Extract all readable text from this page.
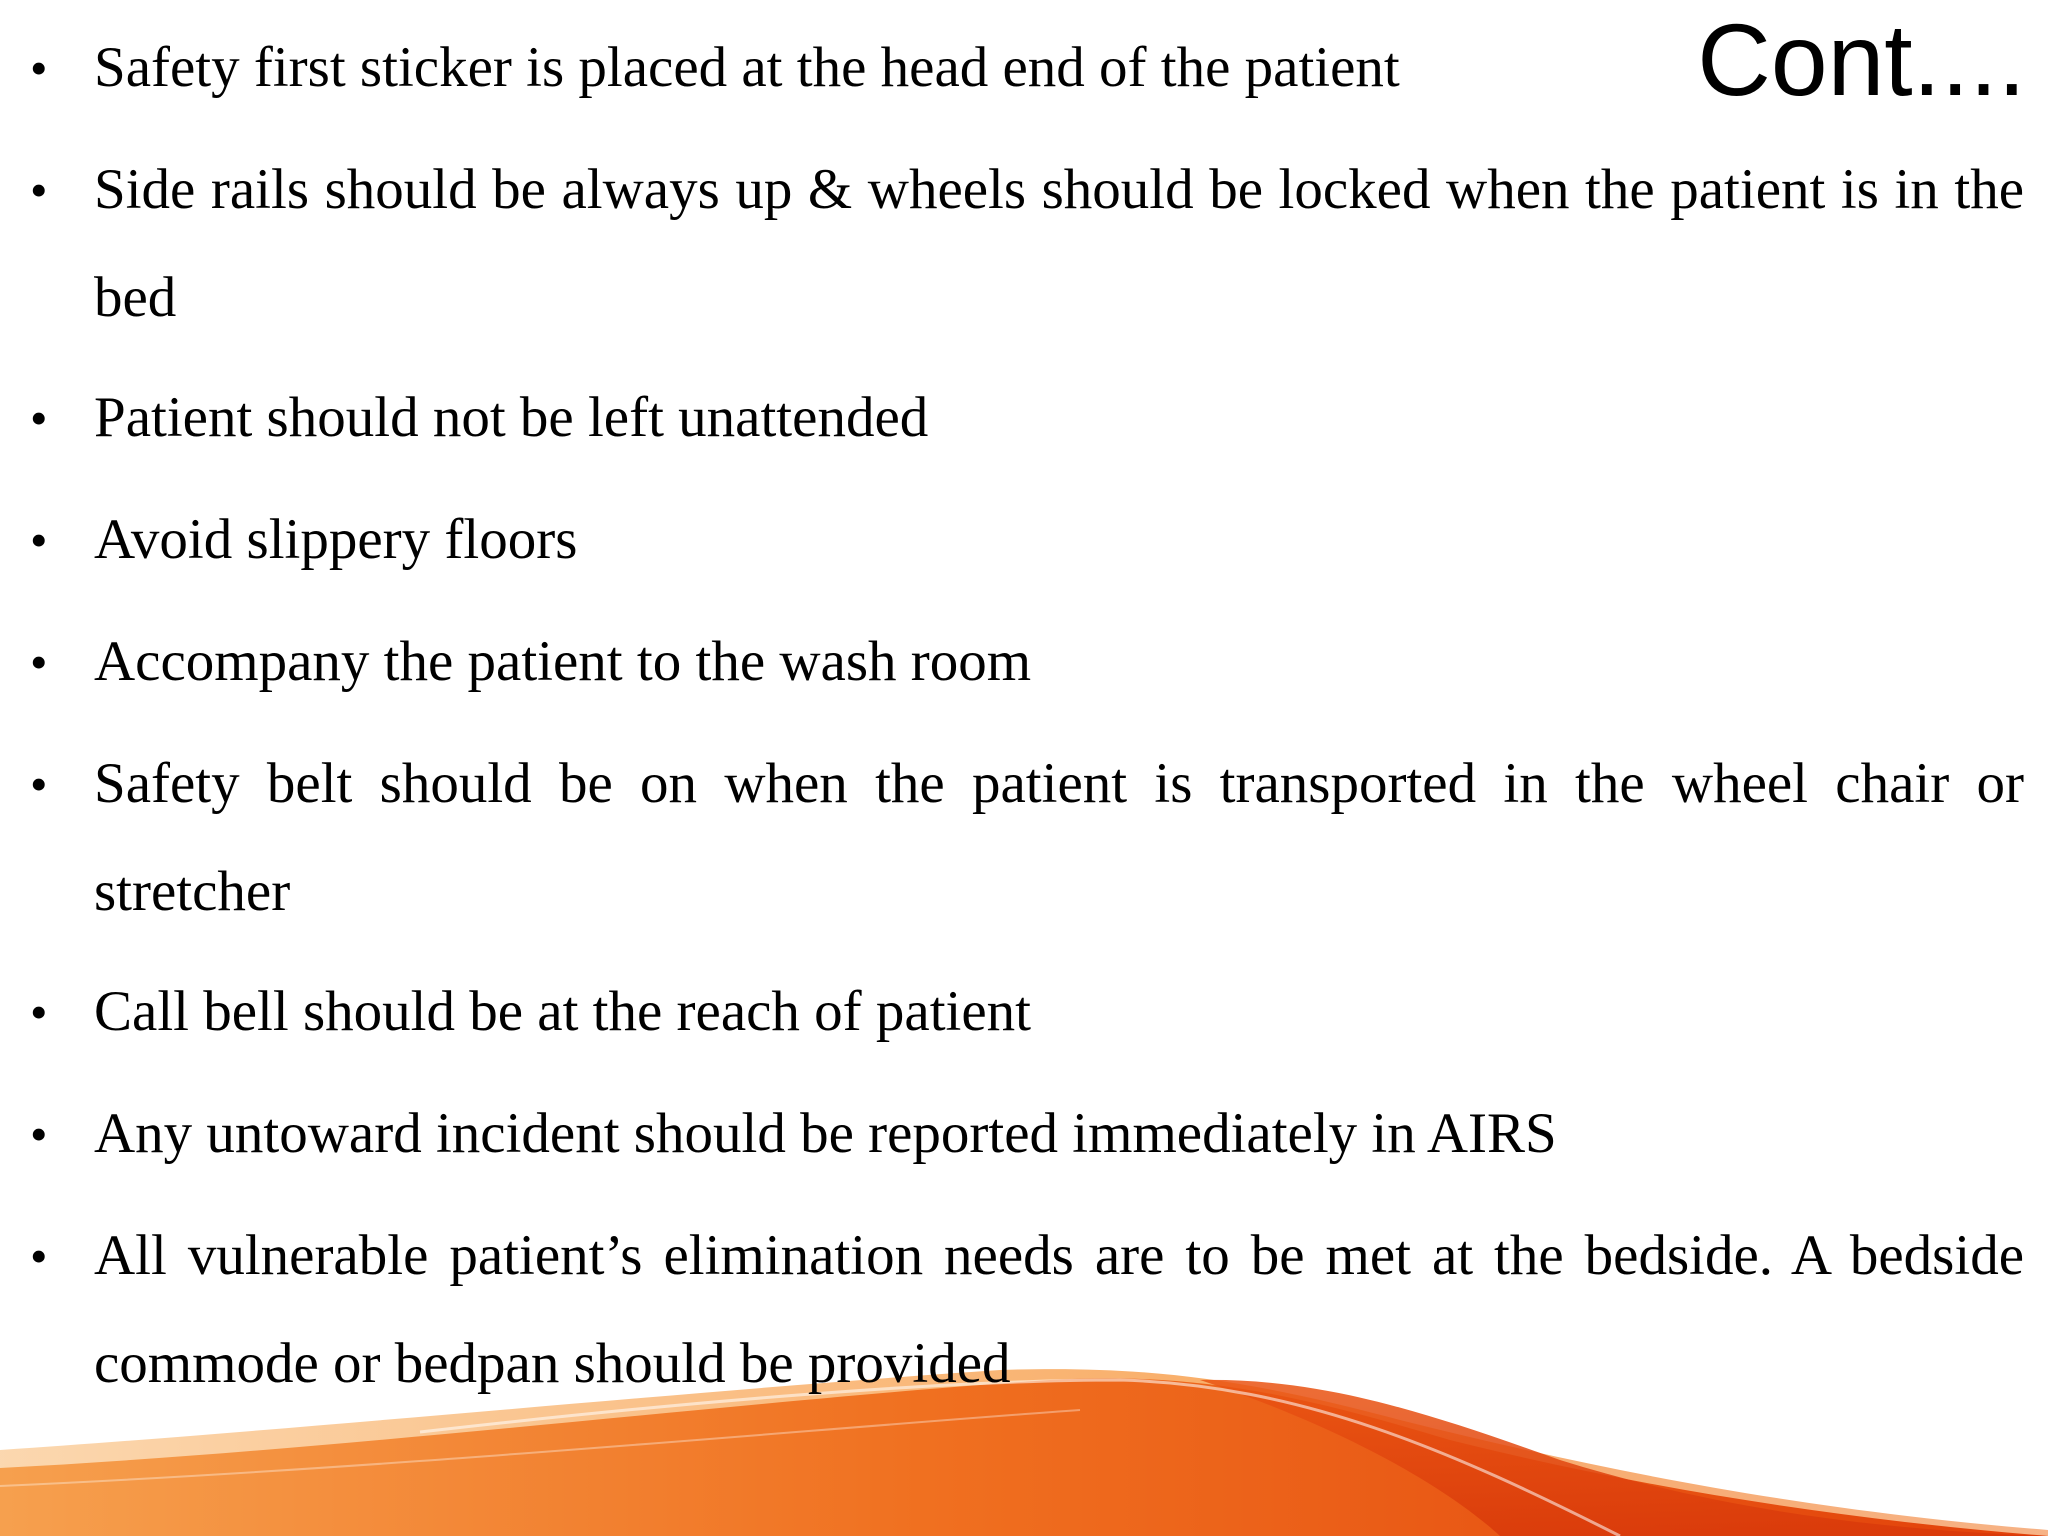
Cont....
• Safety first sticker is placed at the head end of the patient
• Side rails should be always up & wheels should be locked when the patient is in the bed
• Patient should not be left unattended
• Avoid slippery floors
• Accompany the patient to the wash room
• Safety belt should be on when the patient is transported in the wheel chair or stretcher
• Call bell should be at the reach of patient
• Any untoward incident should be reported immediately in AIRS
• All vulnerable patient’s elimination needs are to be met at the bedside. A bedside commode or bedpan should be provided
